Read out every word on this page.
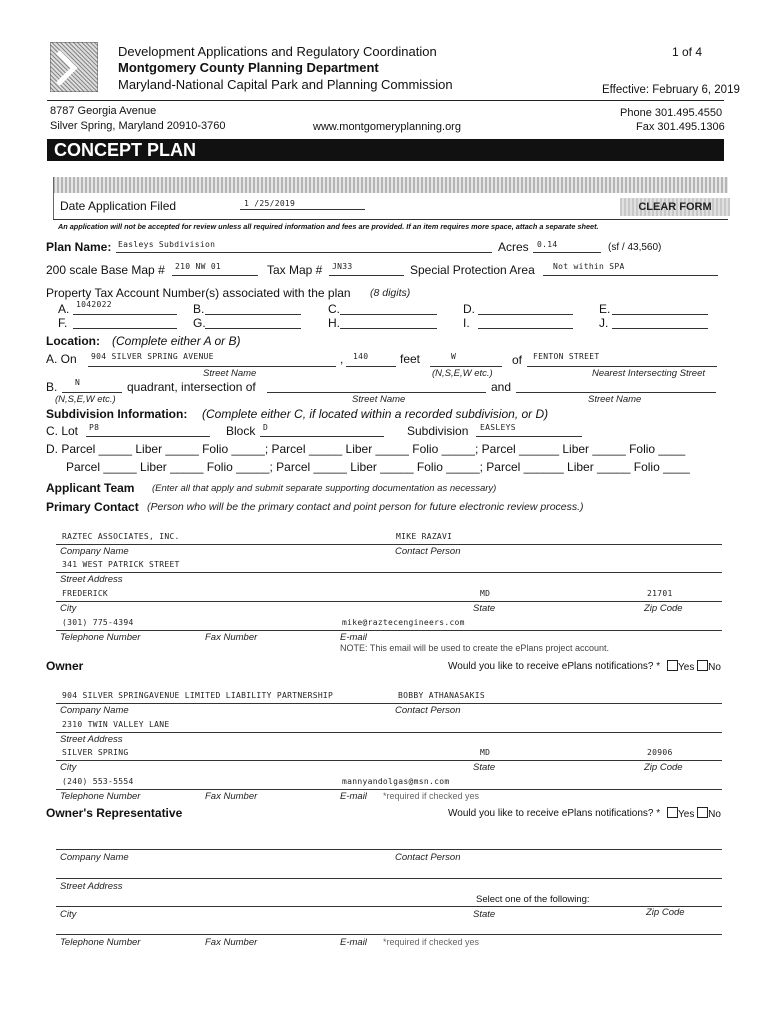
Development Applications and Regulatory Coordination
Montgomery County Planning Department
Maryland-National Capital Park and Planning Commission
1 of 4
Effective: February 6, 2019
8787 Georgia Avenue
Silver Spring, Maryland 20910-3760	www.montgomeryplanning.org
Phone 301.495.4550
Fax 301.495.1306
CONCEPT PLAN
Date Application Filed	1 /25/2019	CLEAR FORM
An application will not be accepted for review unless all required information and fees are provided. If an item requires more space, attach a separate sheet.
Plan Name: Easleys Subdivision	Acres 0.14	(sf / 43,560)
200 scale Base Map # 210 NW 01	Tax Map # JN33	Special Protection Area Not within SPA
Property Tax Account Number(s) associated with the plan (8 digits)
A. 1042022	B.	C.	D.	E.
F.	G.	H.	I.	J.
Location: (Complete either A or B)
A. On 904 SILVER SPRING AVENUE	, 140	feet	W	of FENTON STREET
Street Name	(N,S,E,W etc.)	Nearest Intersecting Street
B. N	quadrant, intersection of	and
(N,S,E,W etc.)	Street Name	Street Name
Subdivision Information: (Complete either C, if located within a recorded subdivision, or D)
C. Lot P8	Block D	Subdivision EASLEYS
D. Parcel _____ Liber _____ Folio _____; Parcel _____ Liber _____ Folio _____; Parcel ______ Liber _____ Folio ____
Parcel _____ Liber _____ Folio _____; Parcel _____ Liber _____ Folio _____; Parcel ______ Liber _____ Folio ____
Applicant Team (Enter all that apply and submit separate supporting documentation as necessary)
Primary Contact (Person who will be the primary contact and point person for future electronic review process.)
RAZTEC ASSOCIATES, INC.	MIKE RAZAVI
Company Name	Contact Person
341 WEST PATRICK STREET
Street Address
FREDERICK	MD	21701
City	State	Zip Code
(301) 775-4394	mike@raztecengineers.com
Telephone Number	Fax Number	E-mail
NOTE: This email will be used to create the ePlans project account.
Owner	Would you like to receive ePlans notifications? *	Yes No
904 SILVER SPRINGAVENUE LIMITED LIABILITY PARTNERSHIP	BOBBY ATHANASAKIS
Company Name	Contact Person
2310 TWIN VALLEY LANE
Street Address
SILVER SPRING	MD	20906
City	State	Zip Code
(240) 553-5554	mannyandolgas@msn.com
Telephone Number	Fax Number	E-mail *required if checked yes
Owner's Representative	Would you like to receive ePlans notifications? *	Yes No
Company Name	Contact Person
Street Address
Select one of the following:
City	State	Zip Code
Telephone Number	Fax Number	E-mail *required if checked yes
